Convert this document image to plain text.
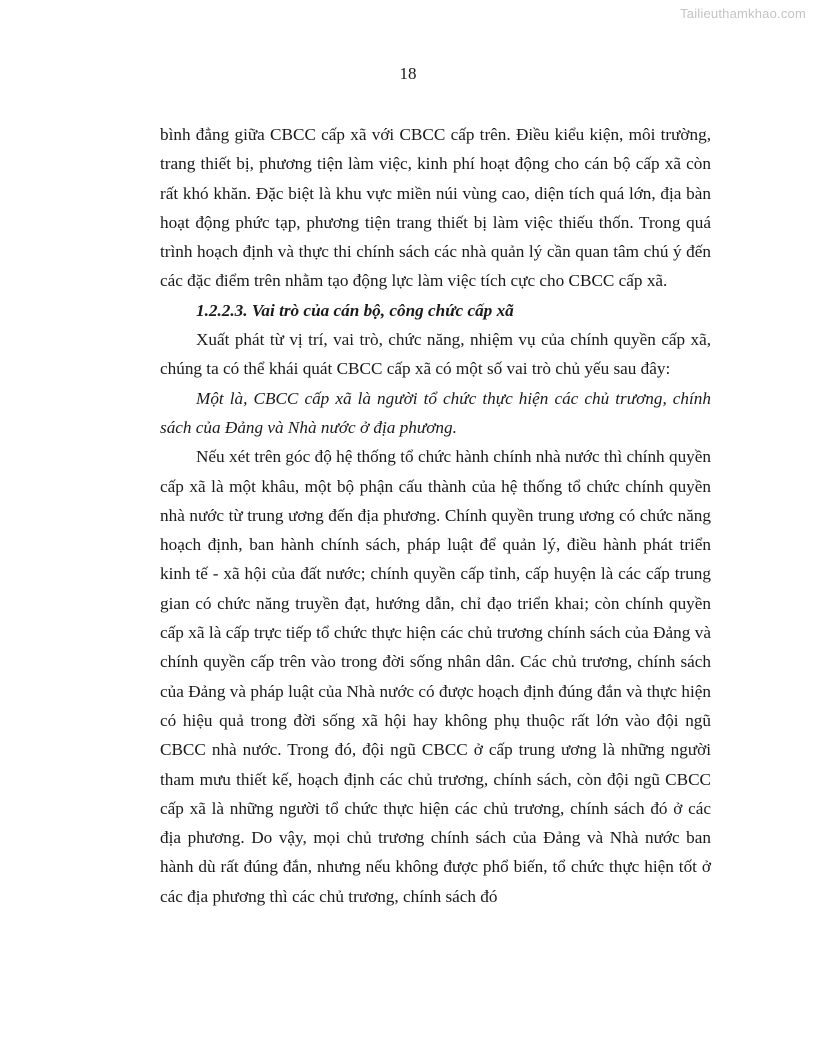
Tailieuthamkhao.com
18

bình đẳng giữa CBCC cấp xã với CBCC cấp trên. Điều kiểu kiện, môi trường, trang thiết bị, phương tiện làm việc, kinh phí hoạt động cho cán bộ cấp xã còn rất khó khăn. Đặc biệt là khu vực miền núi vùng cao, diện tích quá lớn, địa bàn hoạt động phức tạp, phương tiện trang thiết bị làm việc thiếu thốn. Trong quá trình hoạch định và thực thi chính sách các nhà quản lý cần quan tâm chú ý đến các đặc điểm trên nhằm tạo động lực làm việc tích cực cho CBCC cấp xã.

1.2.2.3. Vai trò của cán bộ, công chức cấp xã

Xuất phát từ vị trí, vai trò, chức năng, nhiệm vụ của chính quyền cấp xã, chúng ta có thể khái quát CBCC cấp xã có một số vai trò chủ yếu sau đây:

Một là, CBCC cấp xã là người tổ chức thực hiện các chủ trương, chính sách của Đảng và Nhà nước ở địa phương.

Nếu xét trên góc độ hệ thống tổ chức hành chính nhà nước thì chính quyền cấp xã là một khâu, một bộ phận cấu thành của hệ thống tổ chức chính quyền nhà nước từ trung ương đến địa phương. Chính quyền trung ương có chức năng hoạch định, ban hành chính sách, pháp luật để quản lý, điều hành phát triển kinh tế - xã hội của đất nước; chính quyền cấp tỉnh, cấp huyện là các cấp trung gian có chức năng truyền đạt, hướng dẫn, chỉ đạo triển khai; còn chính quyền cấp xã là cấp trực tiếp tổ chức thực hiện các chủ trương chính sách của Đảng và chính quyền cấp trên vào trong đời sống nhân dân. Các chủ trương, chính sách của Đảng và pháp luật của Nhà nước có được hoạch định đúng đắn và thực hiện có hiệu quả trong đời sống xã hội hay không phụ thuộc rất lớn vào đội ngũ CBCC nhà nước. Trong đó, đội ngũ CBCC ở cấp trung ương là những người tham mưu thiết kế, hoạch định các chủ trương, chính sách, còn đội ngũ CBCC cấp xã là những người tổ chức thực hiện các chủ trương, chính sách đó ở các địa phương. Do vậy, mọi chủ trương chính sách của Đảng và Nhà nước ban hành dù rất đúng đắn, nhưng nếu không được phổ biến, tổ chức thực hiện tốt ở các địa phương thì các chủ trương, chính sách đó
